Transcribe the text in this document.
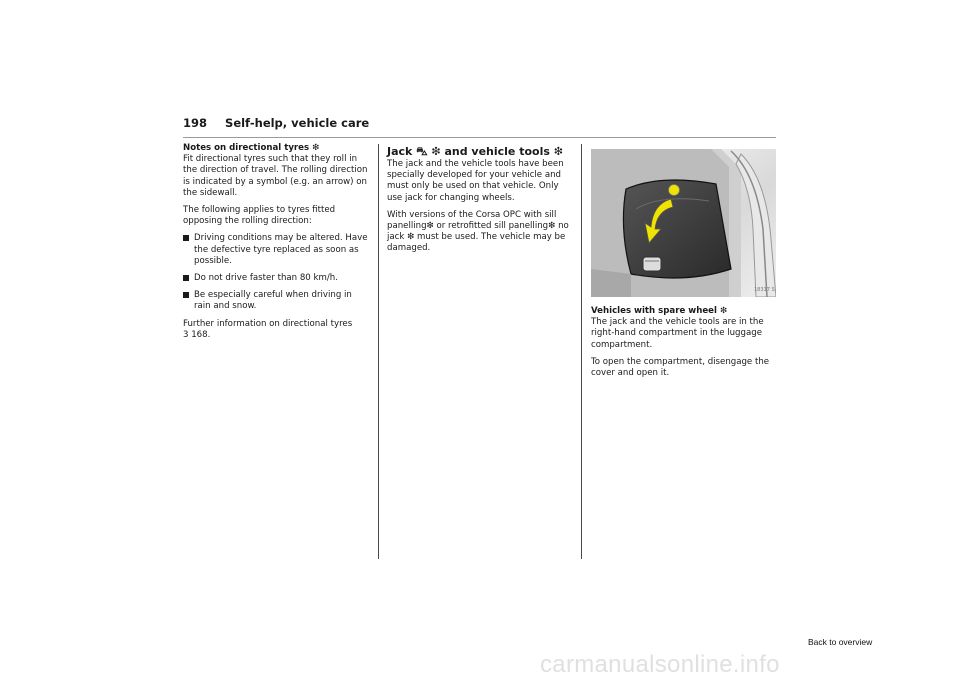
198 Self-help, vehicle care
Notes on directional tyres ❇

Fit directional tyres such that they roll in the direction of travel. The rolling direction is indicated by a symbol (e.g. an arrow) on the sidewall.

The following applies to tyres fitted opposing the rolling direction:

Driving conditions may be altered. Have the defective tyre replaced as soon as possible.
Do not drive faster than 80 km/h.
Be especially careful when driving in rain and snow.
Further information on directional tyres
3 168.
Jack ⛍ ❇ and vehicle tools ❇

The jack and the vehicle tools have been specially developed for your vehicle and must only be used on that vehicle. Only use jack for changing wheels.

With versions of the Corsa OPC with sill panelling❇ or retrofitted sill panelling❇ no jack ❇ must be used. The vehicle may be damaged.

18317 S
Vehicles with spare wheel ❇

The jack and the vehicle tools are in the right-hand compartment in the luggage compartment.

To open the compartment, disengage the cover and open it.

Back to overview
carmanualsonline.info
